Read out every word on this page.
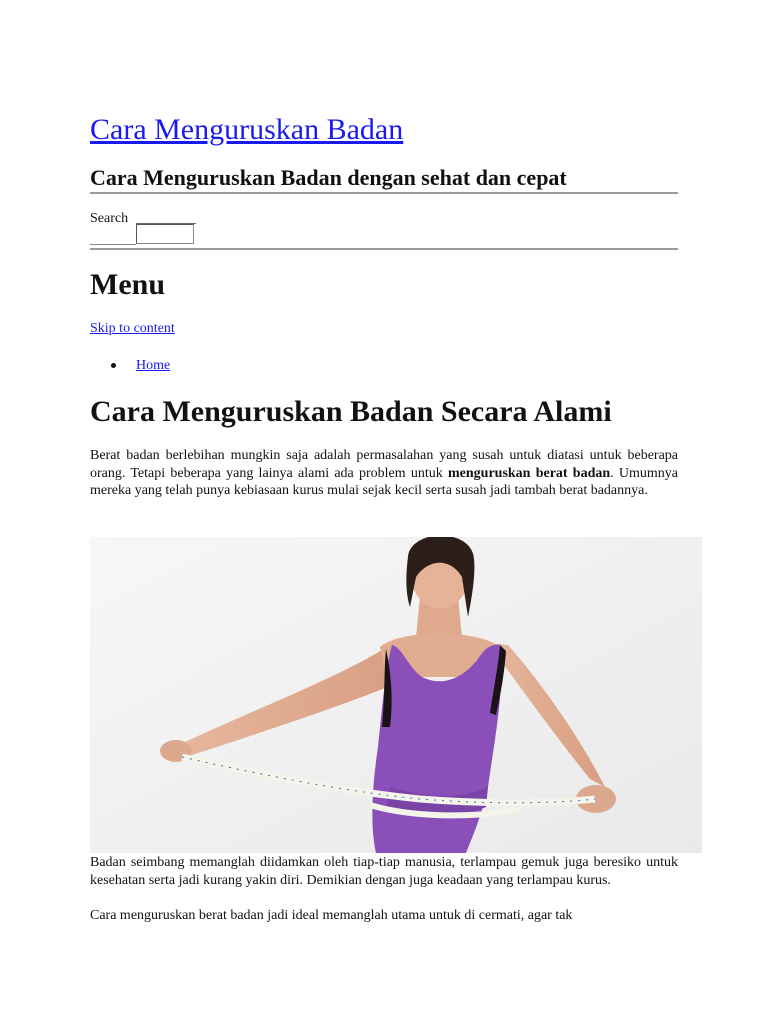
Cara Menguruskan Badan
Cara Menguruskan Badan dengan sehat dan cepat
Search
Menu
Skip to content
Home
Cara Menguruskan Badan Secara Alami

Berat badan berlebihan mungkin saja adalah permasalahan yang susah untuk diatasi untuk beberapa orang. Tetapi beberapa yang lainya alami ada problem untuk menguruskan berat badan. Umumnya mereka yang telah punya kebiasaan kurus mulai sejak kecil serta susah jadi tambah berat badannya.

Badan seimbang memanglah diidamkan oleh tiap-tiap manusia, terlampau gemuk juga beresiko untuk kesehatan serta jadi kurang yakin diri. Demikian dengan juga keadaan yang terlampau kurus.

Cara menguruskan berat badan jadi ideal memanglah utama untuk di cermati, agar tak
